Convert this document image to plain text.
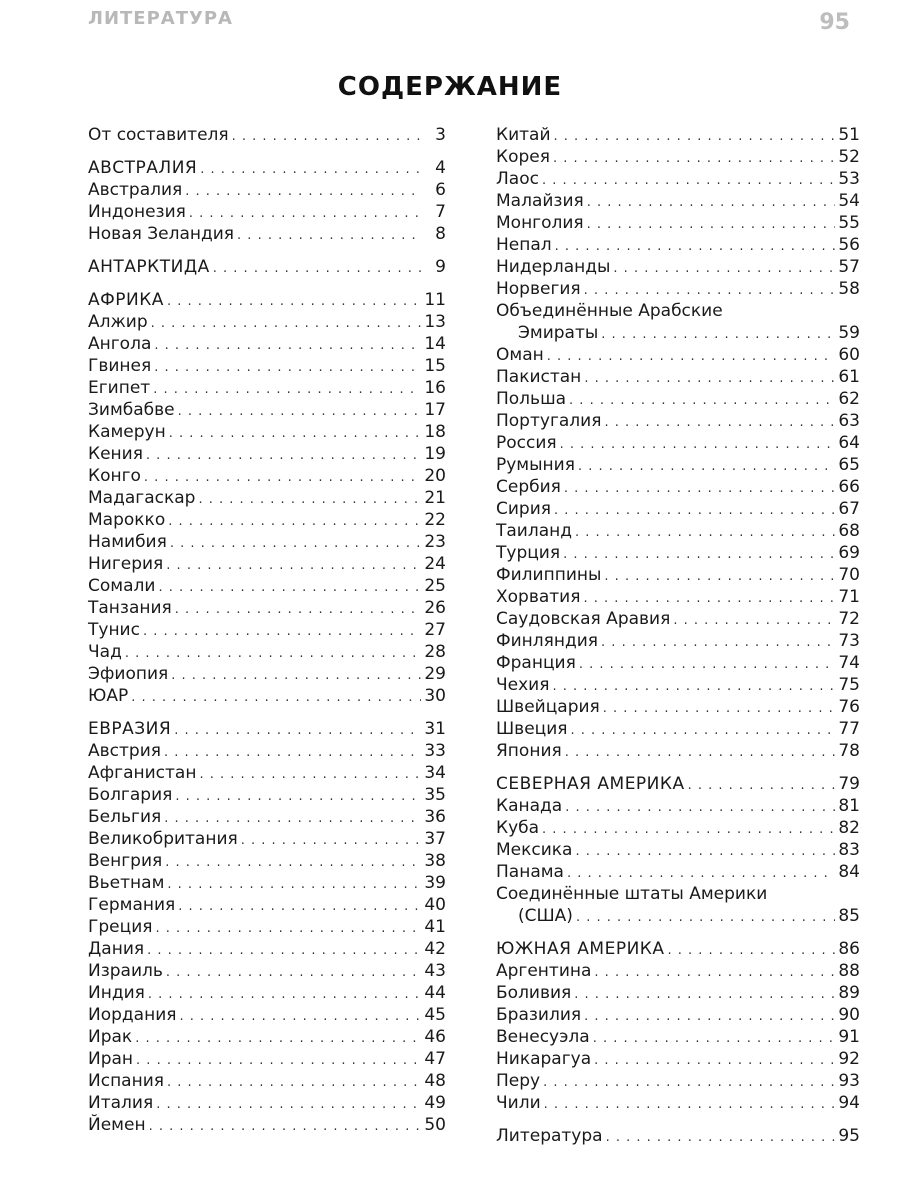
ЛИТЕРАТУРА	95
СОДЕРЖАНИЕ
От составителя . . .	3
АВСТРАЛИЯ . . .	4
Австралия . . .	6
Индонезия . . .	7
Новая Зеландия . . .	8
АНТАРКТИДА . . .	9
АФРИКА . . .	11
Алжир . . .	13
Ангола . . .	14
Гвинея . . .	15
Египет . . .	16
Зимбабве . . .	17
Камерун . . .	18
Кения . . .	19
Конго . . .	20
Мадагаскар . . .	21
Марокко . . .	22
Намибия . . .	23
Нигерия . . .	24
Сомали . . .	25
Танзания . . .	26
Тунис . . .	27
Чад . . .	28
Эфиопия . . .	29
ЮАР . . .	30
ЕВРАЗИЯ . . .	31
Австрия . . .	33
Афганистан . . .	34
Болгария . . .	35
Бельгия . . .	36
Великобритания . . .	37
Венгрия . . .	38
Вьетнам . . .	39
Германия . . .	40
Греция . . .	41
Дания . . .	42
Израиль . . .	43
Индия . . .	44
Иордания . . .	45
Ирак . . .	46
Иран . . .	47
Испания . . .	48
Италия . . .	49
Йемен . . .	50
Китай . . .	51
Корея . . .	52
Лаос . . .	53
Малайзия . . .	54
Монголия . . .	55
Непал . . .	56
Нидерланды . . .	57
Норвегия . . .	58
Объединённые Арабские
Эмираты . . .	59
Оман . . .	60
Пакистан . . .	61
Польша . . .	62
Португалия . . .	63
Россия . . .	64
Румыния . . .	65
Сербия . . .	66
Сирия . . .	67
Таиланд . . .	68
Турция . . .	69
Филиппины . . .	70
Хорватия . . .	71
Саудовская Аравия . . .	72
Финляндия . . .	73
Франция . . .	74
Чехия . . .	75
Швейцария . . .	76
Швеция . . .	77
Япония . . .	78
СЕВЕРНАЯ АМЕРИКА . . .	79
Канада . . .	81
Куба . . .	82
Мексика . . .	83
Панама . . .	84
Соединённые штаты Америки
(США) . . .	85
ЮЖНАЯ АМЕРИКА . . .	86
Аргентина . . .	88
Боливия . . .	89
Бразилия . . .	90
Венесуэла . . .	91
Никарагуа . . .	92
Перу . . .	93
Чили . . .	94
Литература . . .	95
